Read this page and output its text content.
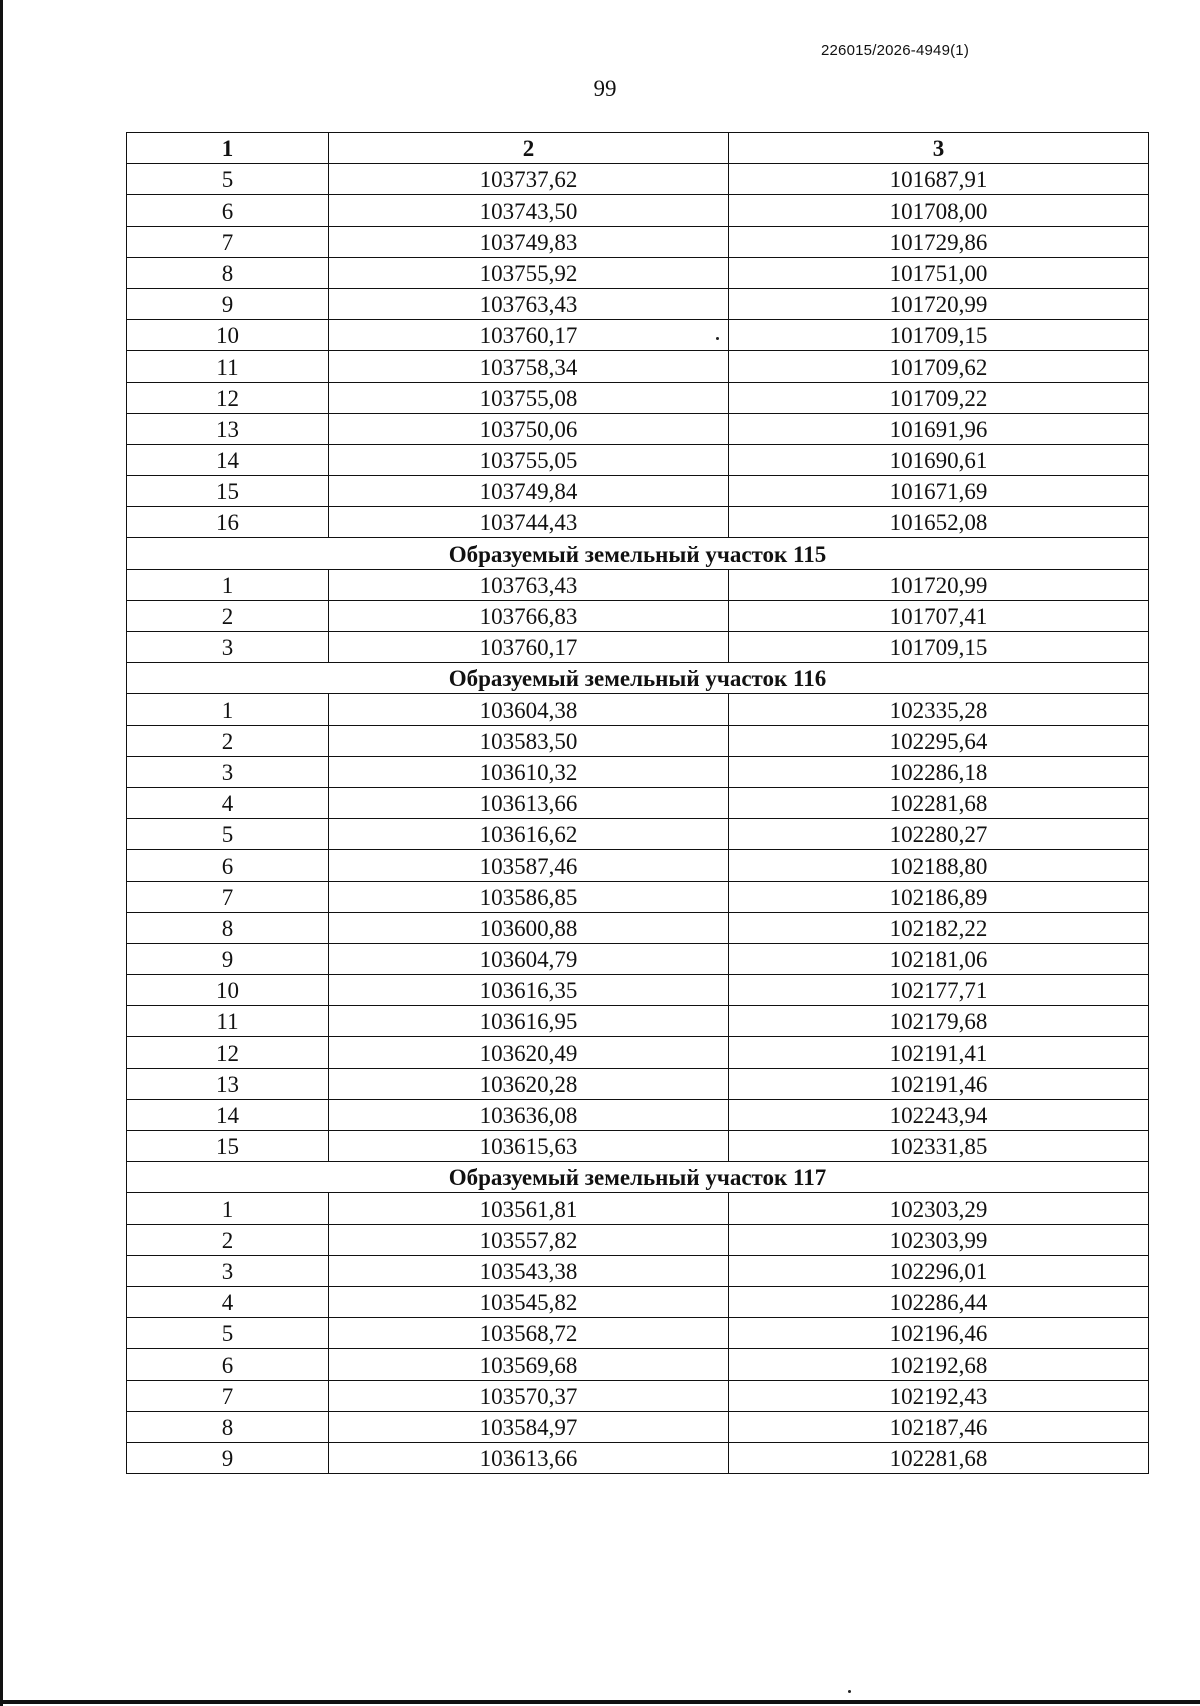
226015/2026-4949(1)
99
1	2	3
5	103737,62	101687,91
6	103743,50	101708,00
7	103749,83	101729,86
8	103755,92	101751,00
9	103763,43	101720,99
10	103760,17	101709,15
11	103758,34	101709,62
12	103755,08	101709,22
13	103750,06	101691,96
14	103755,05	101690,61
15	103749,84	101671,69
16	103744,43	101652,08
Образуемый земельный участок 115		
1	103763,43	101720,99
2	103766,83	101707,41
3	103760,17	101709,15
Образуемый земельный участок 116		
1	103604,38	102335,28
2	103583,50	102295,64
3	103610,32	102286,18
4	103613,66	102281,68
5	103616,62	102280,27
6	103587,46	102188,80
7	103586,85	102186,89
8	103600,88	102182,22
9	103604,79	102181,06
10	103616,35	102177,71
11	103616,95	102179,68
12	103620,49	102191,41
13	103620,28	102191,46
14	103636,08	102243,94
15	103615,63	102331,85
Образуемый земельный участок 117		
1	103561,81	102303,29
2	103557,82	102303,99
3	103543,38	102296,01
4	103545,82	102286,44
5	103568,72	102196,46
6	103569,68	102192,68
7	103570,37	102192,43
8	103584,97	102187,46
9	103613,66	102281,68
